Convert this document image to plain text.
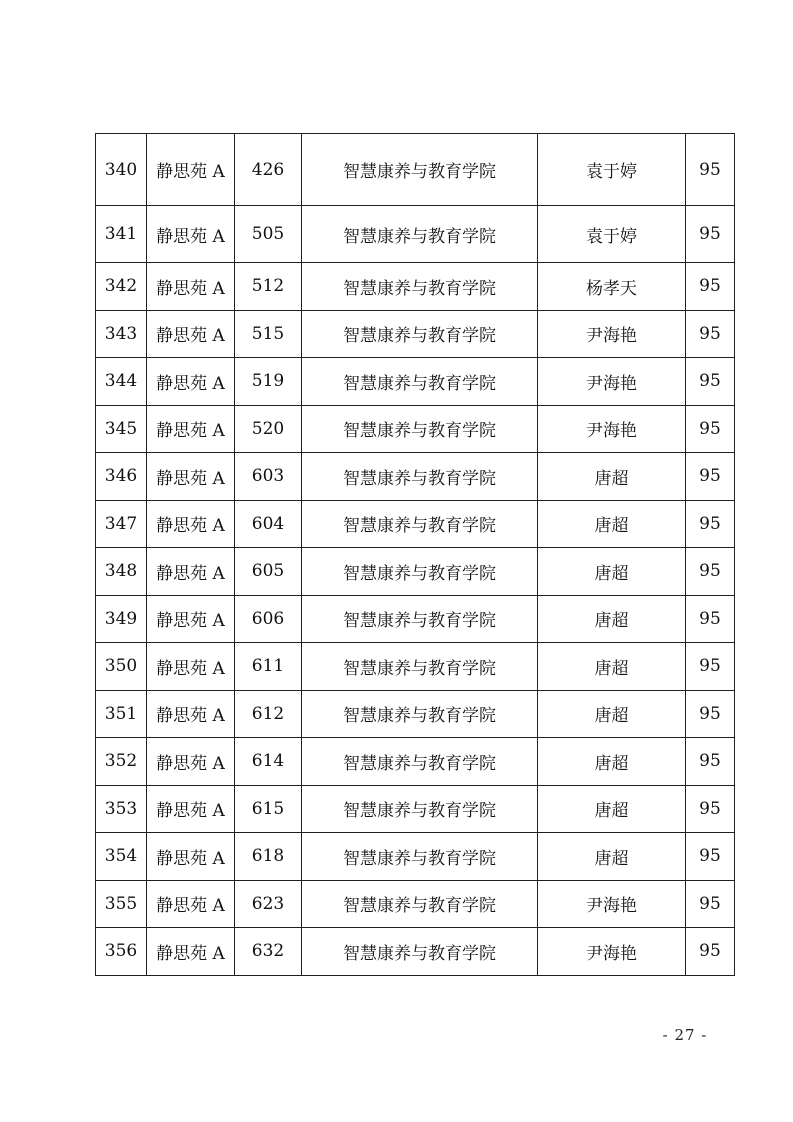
340	静思苑 A	426	智慧康养与教育学院	袁于婷	95
341	静思苑 A	505	智慧康养与教育学院	袁于婷	95
342	静思苑 A	512	智慧康养与教育学院	杨孝天	95
343	静思苑 A	515	智慧康养与教育学院	尹海艳	95
344	静思苑 A	519	智慧康养与教育学院	尹海艳	95
345	静思苑 A	520	智慧康养与教育学院	尹海艳	95
346	静思苑 A	603	智慧康养与教育学院	唐超	95
347	静思苑 A	604	智慧康养与教育学院	唐超	95
348	静思苑 A	605	智慧康养与教育学院	唐超	95
349	静思苑 A	606	智慧康养与教育学院	唐超	95
350	静思苑 A	611	智慧康养与教育学院	唐超	95
351	静思苑 A	612	智慧康养与教育学院	唐超	95
352	静思苑 A	614	智慧康养与教育学院	唐超	95
353	静思苑 A	615	智慧康养与教育学院	唐超	95
354	静思苑 A	618	智慧康养与教育学院	唐超	95
355	静思苑 A	623	智慧康养与教育学院	尹海艳	95
356	静思苑 A	632	智慧康养与教育学院	尹海艳	95
- 27 -
